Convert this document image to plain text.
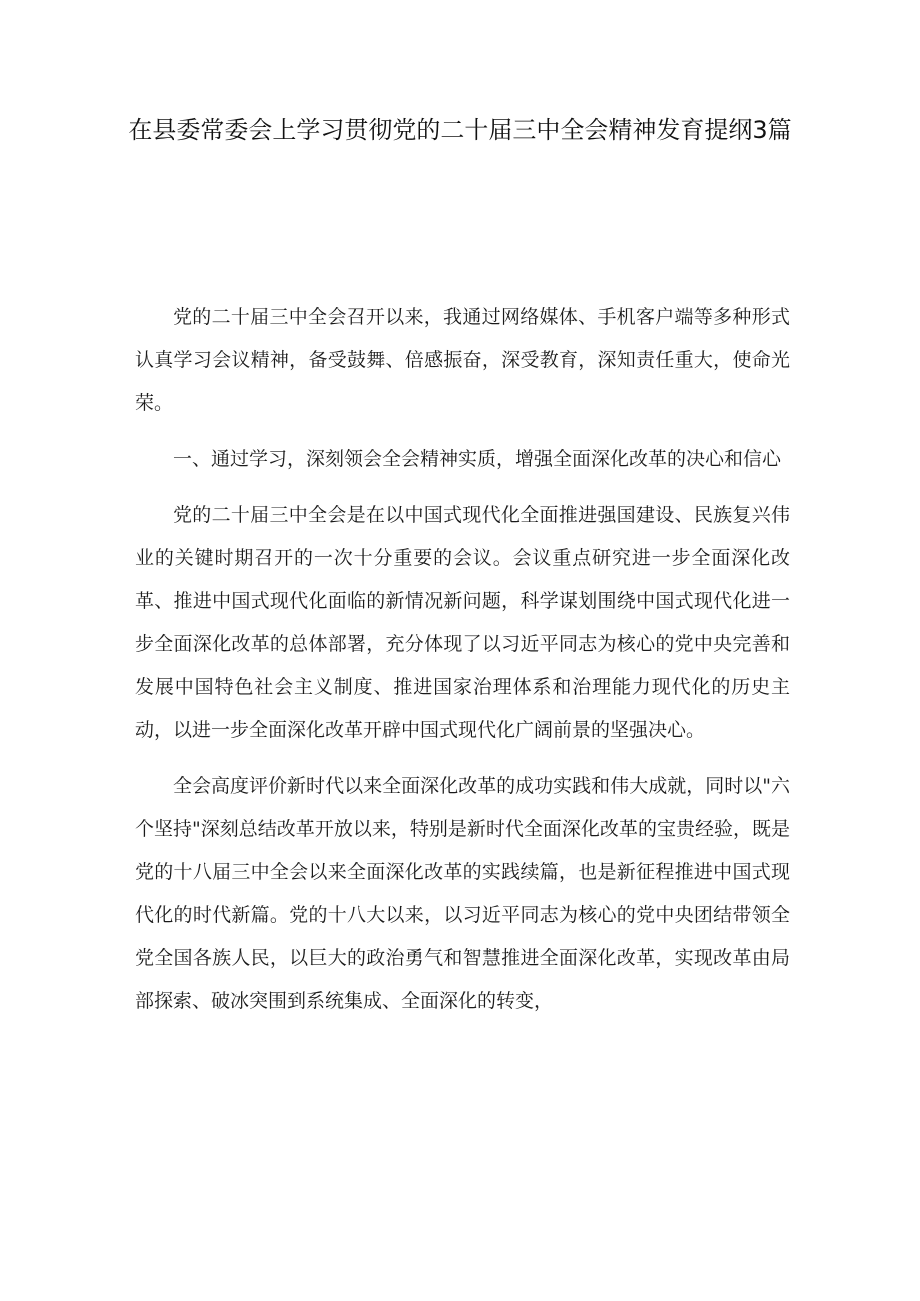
在县委常委会上学习贯彻党的二十届三中全会精神发育提纲3篇

党的二十届三中全会召开以来，我通过网络媒体、手机客户端等多种形式认真学习会议精神，备受鼓舞、倍感振奋，深受教育，深知责任重大，使命光荣。

一、通过学习，深刻领会全会精神实质，增强全面深化改革的决心和信心

党的二十届三中全会是在以中国式现代化全面推进强国建设、民族复兴伟业的关键时期召开的一次十分重要的会议。会议重点研究进一步全面深化改革、推进中国式现代化面临的新情况新问题，科学谋划围绕中国式现代化进一步全面深化改革的总体部署，充分体现了以习近平同志为核心的党中央完善和发展中国特色社会主义制度、推进国家治理体系和治理能力现代化的历史主动，以进一步全面深化改革开辟中国式现代化广阔前景的坚强决心。

全会高度评价新时代以来全面深化改革的成功实践和伟大成就，同时以"六个坚持"深刻总结改革开放以来，特别是新时代全面深化改革的宝贵经验，既是党的十八届三中全会以来全面深化改革的实践续篇，也是新征程推进中国式现代化的时代新篇。党的十八大以来，以习近平同志为核心的党中央团结带领全党全国各族人民，以巨大的政治勇气和智慧推进全面深化改革，实现改革由局部探索、破冰突围到系统集成、全面深化的转变，
